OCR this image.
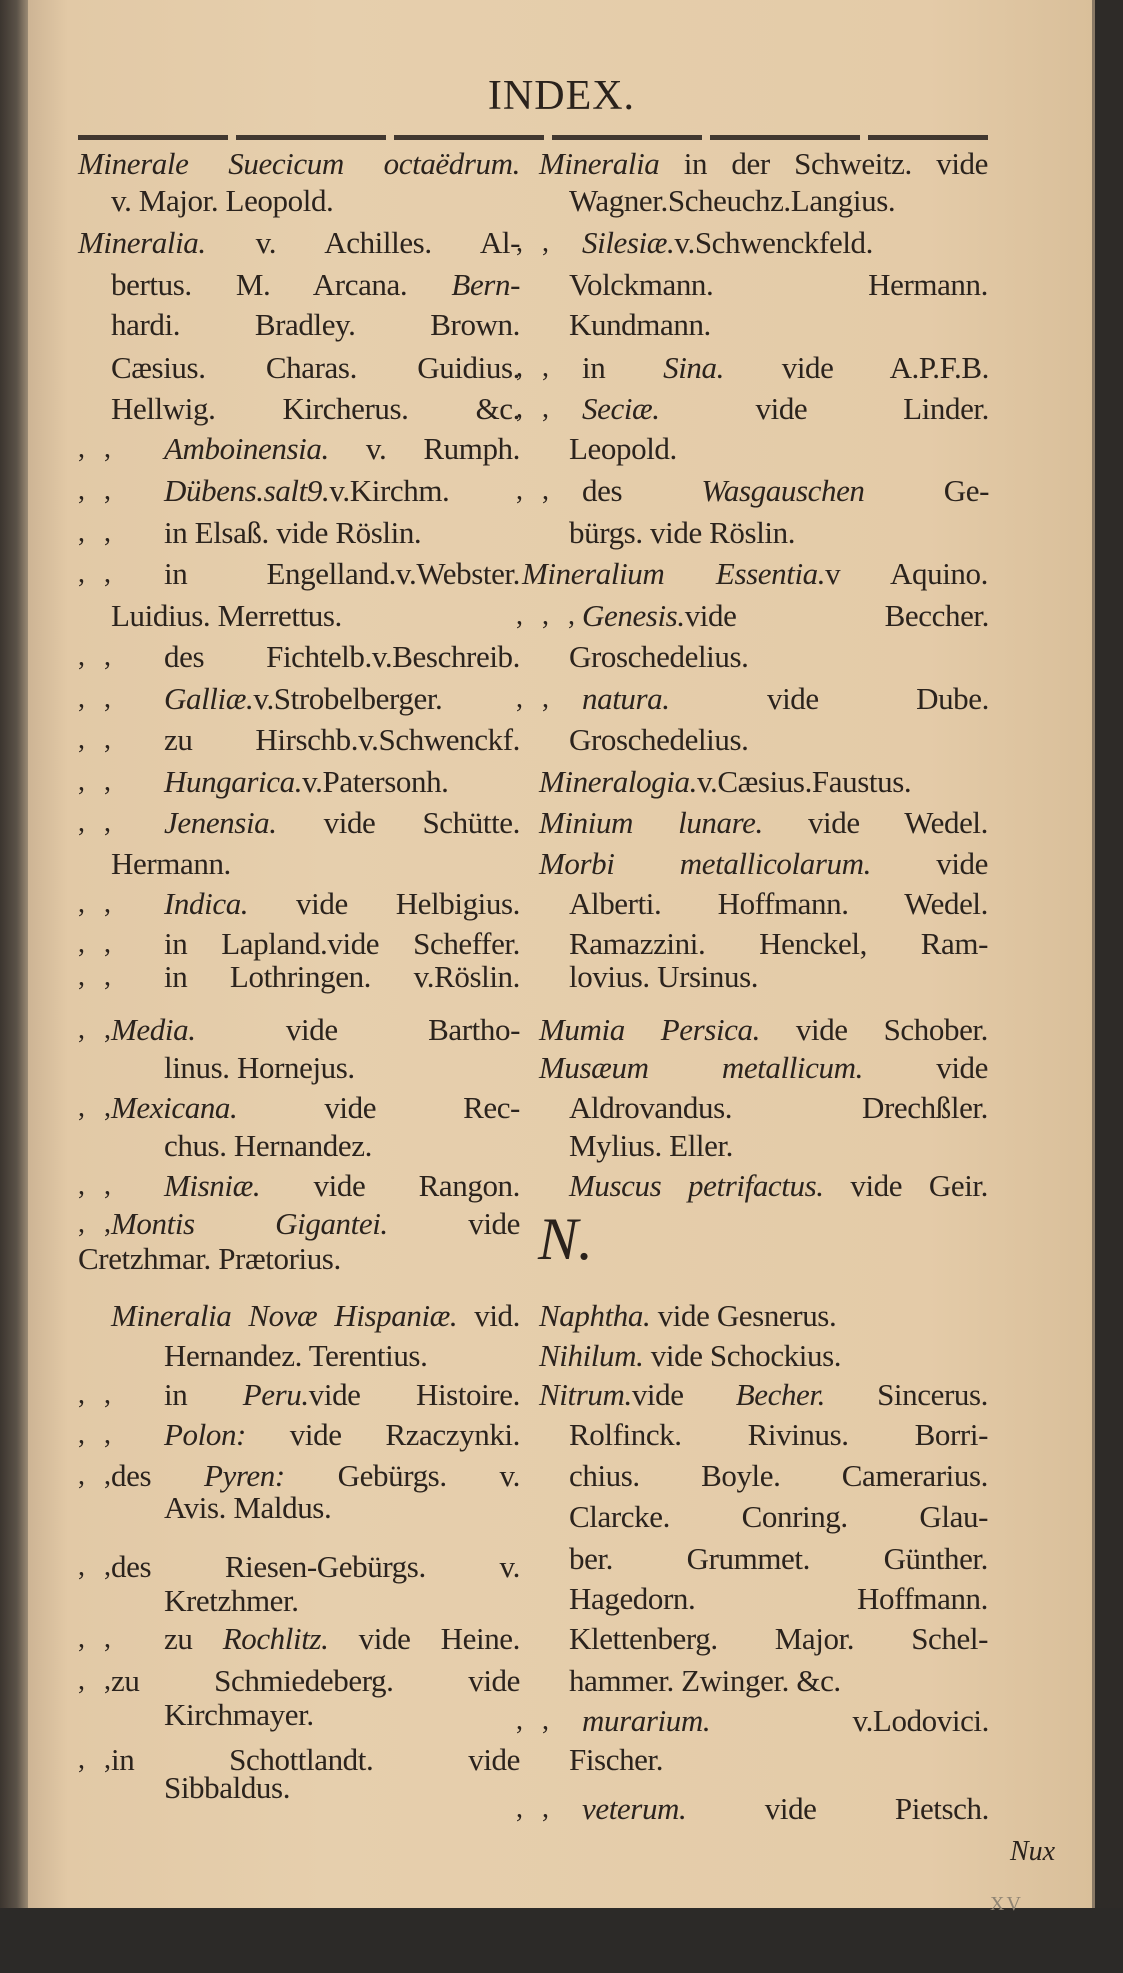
INDEX.
Minerale Suecicum octaëdrum.
v. Major. Leopold.
Mineralia. v. Achilles. Al-
bertus. M. Arcana. Bern-
hardi. Bradley. Brown.
Cæsius. Charas. Guidius.
Hellwig. Kircherus. &c.
, , Amboinensia. v. Rumph.
, , Dübens.salt9.v.Kirchm.
, , in Elsaß. vide Röslin.
, , in Engelland.v.Webster.
Luidius. Merrettus.
, , des Fichtelb.v.Beschreib.
, , Galliæ.v.Strobelberger.
, , zu Hirschb.v.Schwenckf.
, , Hungarica.v.Patersonh.
, , Jenensia. vide Schütte.
Hermann.
, , Indica. vide Helbigius.
, , in Lapland.vide Scheffer.
, , in Lothringen. v.Röslin.
, ,
Media. vide Bartho-
linus. Hornejus.
, ,
Mexicana. vide Rec-
chus. Hernandez.
, , Misniæ. vide Rangon.
, ,
Montis Gigantei. vide
Cretzhmar. Prætorius.
Mineralia Novæ Hispaniæ. vid.
Hernandez. Terentius.
, , in Peru.vide Histoire.
, , Polon: vide Rzaczynki.
, ,
des Pyren: Gebürgs. v.
Avis. Maldus.
, ,
des Riesen-Gebürgs. v.
Kretzhmer.
, , zu Rochlitz. vide Heine.
, ,
zu Schmiedeberg. vide
Kirchmayer.
, ,
in Schottlandt. vide
Sibbaldus.
Mineralia in der Schweitz. vide
Wagner.Scheuchz.Langius.
, , Silesiæ.v.Schwenckfeld.
Volckmann. Hermann.
Kundmann.
, , in Sina. vide A.P.F.B.
, , Seciæ. vide Linder.
Leopold.
, , des Wasgauschen Ge-
bürgs. vide Röslin.
Mineralium Essentia.v Aquino.
, , , Genesis.vide Beccher.
Groschedelius.
, , natura. vide Dube.
Groschedelius.
Mineralogia.v.Cæsius.Faustus.
Minium lunare. vide Wedel.
Morbi metallicolarum. vide
Alberti. Hoffmann. Wedel.
Ramazzini. Henckel, Ram-
lovius. Ursinus.
Mumia Persica. vide Schober.
Musæum metallicum. vide
Aldrovandus. Drechßler.
Mylius. Eller.
Muscus petrifactus. vide Geir.
Naphtha. vide Gesnerus.
Nihilum. vide Schockius.
Nitrum.vide Becher. Sincerus.
Rolfinck. Rivinus. Borri-
chius. Boyle. Camerarius.
Clarcke. Conring. Glau-
ber. Grummet. Günther.
Hagedorn. Hoffmann.
Klettenberg. Major. Schel-
hammer. Zwinger. &c.
, , murarium. v.Lodovici.
Fischer.
, , veterum. vide Pietsch.
N.
Nux
XV
